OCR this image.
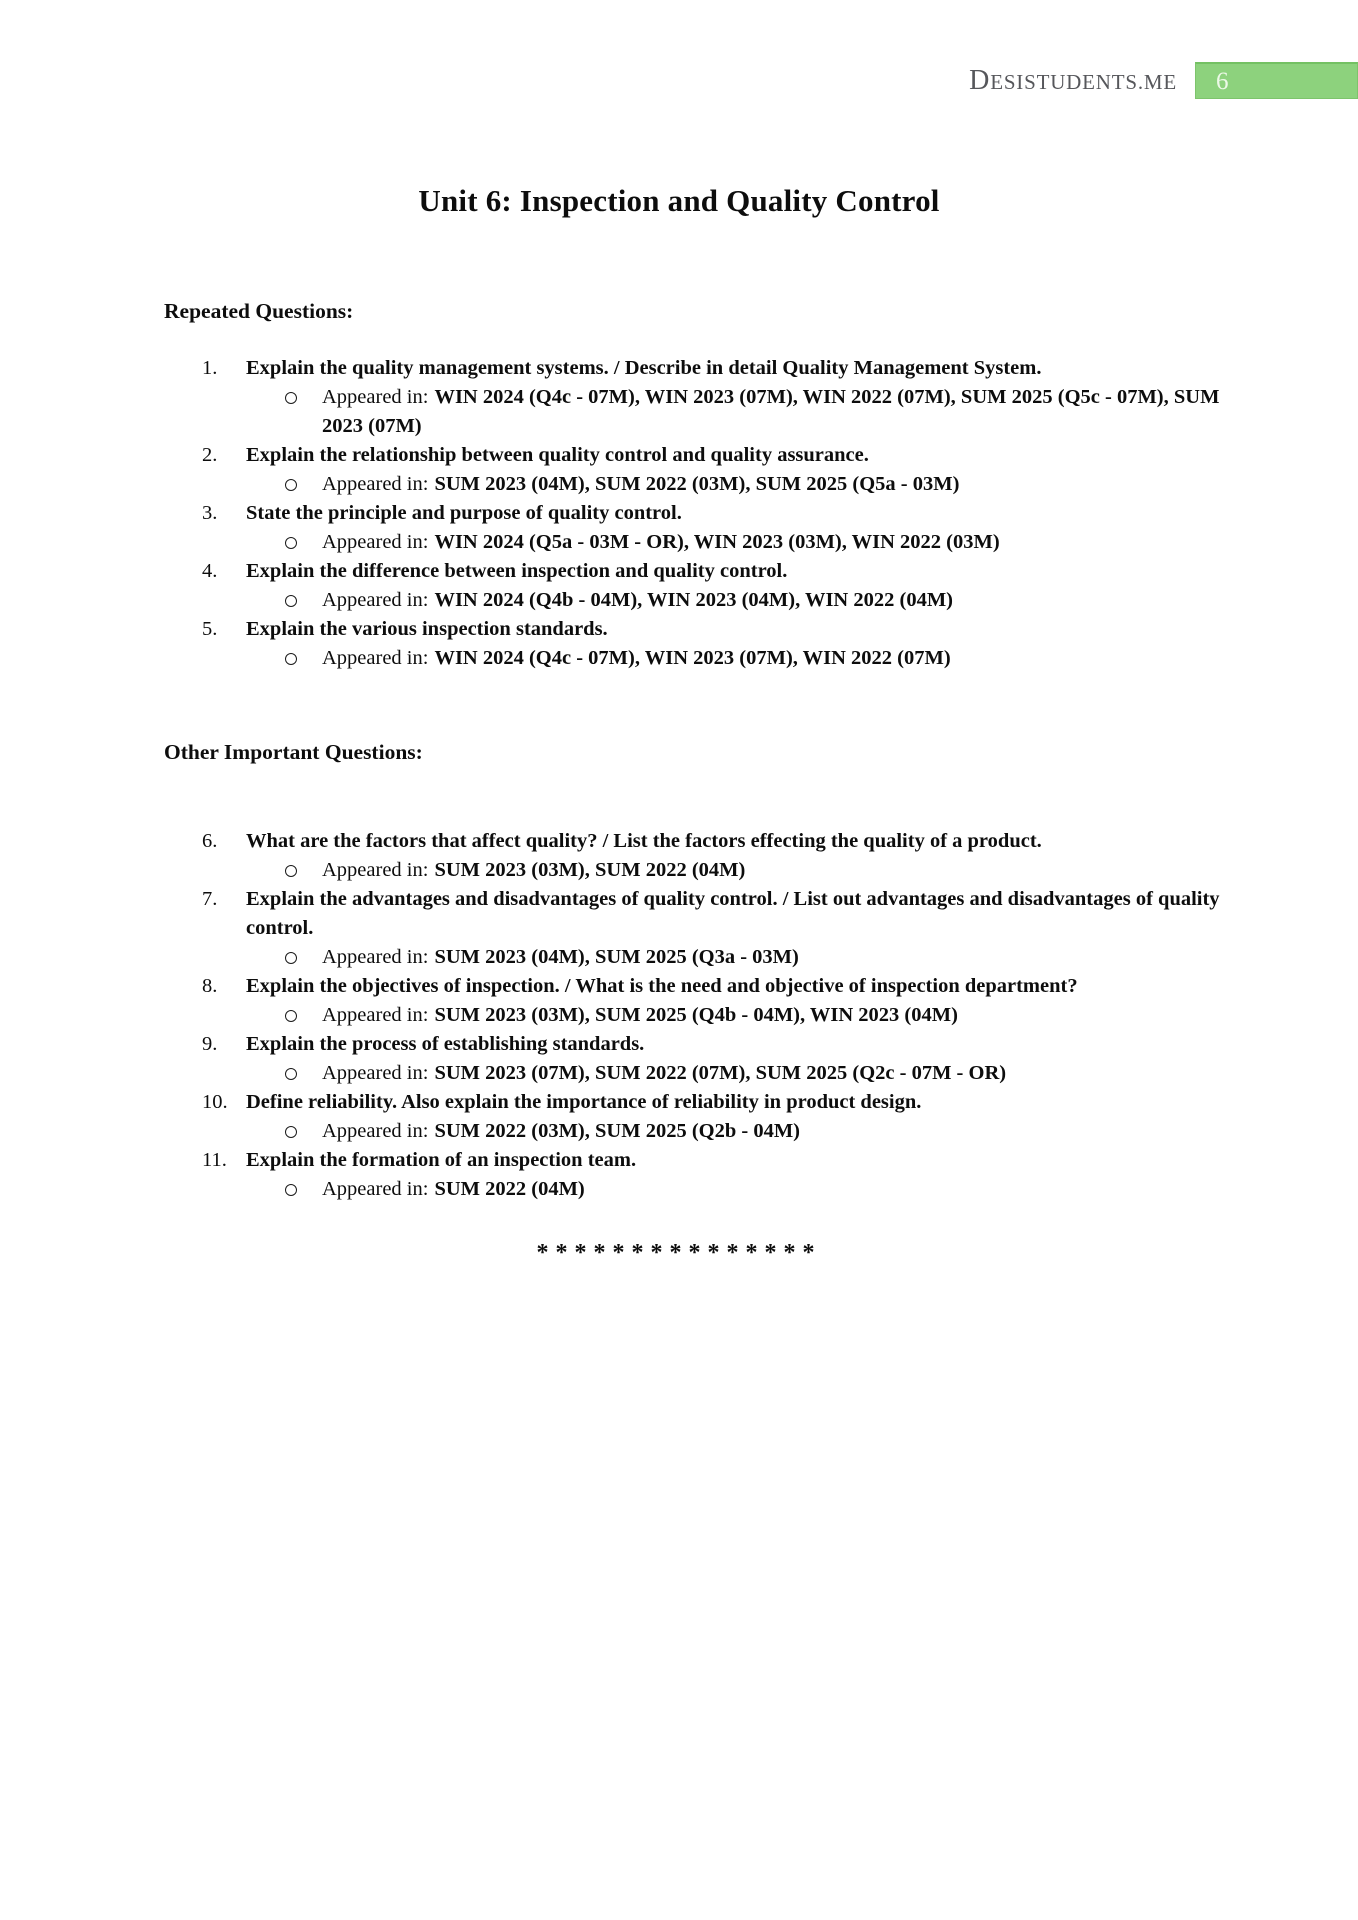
DESISTUDENTS.ME 6
Unit 6: Inspection and Quality Control
Repeated Questions:
1.	Explain the quality management systems. / Describe in detail Quality Management System.
Appeared in: WIN 2024 (Q4c - 07M), WIN 2023 (07M), WIN 2022 (07M), SUM 2025 (Q5c - 07M), SUM 2023 (07M)
2.	Explain the relationship between quality control and quality assurance.
Appeared in: SUM 2023 (04M), SUM 2022 (03M), SUM 2025 (Q5a - 03M)
3.	State the principle and purpose of quality control.
Appeared in: WIN 2024 (Q5a - 03M - OR), WIN 2023 (03M), WIN 2022 (03M)
4.	Explain the difference between inspection and quality control.
Appeared in: WIN 2024 (Q4b - 04M), WIN 2023 (04M), WIN 2022 (04M)
5.	Explain the various inspection standards.
Appeared in: WIN 2024 (Q4c - 07M), WIN 2023 (07M), WIN 2022 (07M)
Other Important Questions:
6.	What are the factors that affect quality? / List the factors effecting the quality of a product.
Appeared in: SUM 2023 (03M), SUM 2022 (04M)
7.	Explain the advantages and disadvantages of quality control. / List out advantages and disadvantages of quality control.
Appeared in: SUM 2023 (04M), SUM 2025 (Q3a - 03M)
8.	Explain the objectives of inspection. / What is the need and objective of inspection department?
Appeared in: SUM 2023 (03M), SUM 2025 (Q4b - 04M), WIN 2023 (04M)
9.	Explain the process of establishing standards.
Appeared in: SUM 2023 (07M), SUM 2022 (07M), SUM 2025 (Q2c - 07M - OR)
10. Define reliability. Also explain the importance of reliability in product design.
Appeared in: SUM 2022 (03M), SUM 2025 (Q2b - 04M)
11. Explain the formation of an inspection team.
Appeared in: SUM 2022 (04M)
***************
